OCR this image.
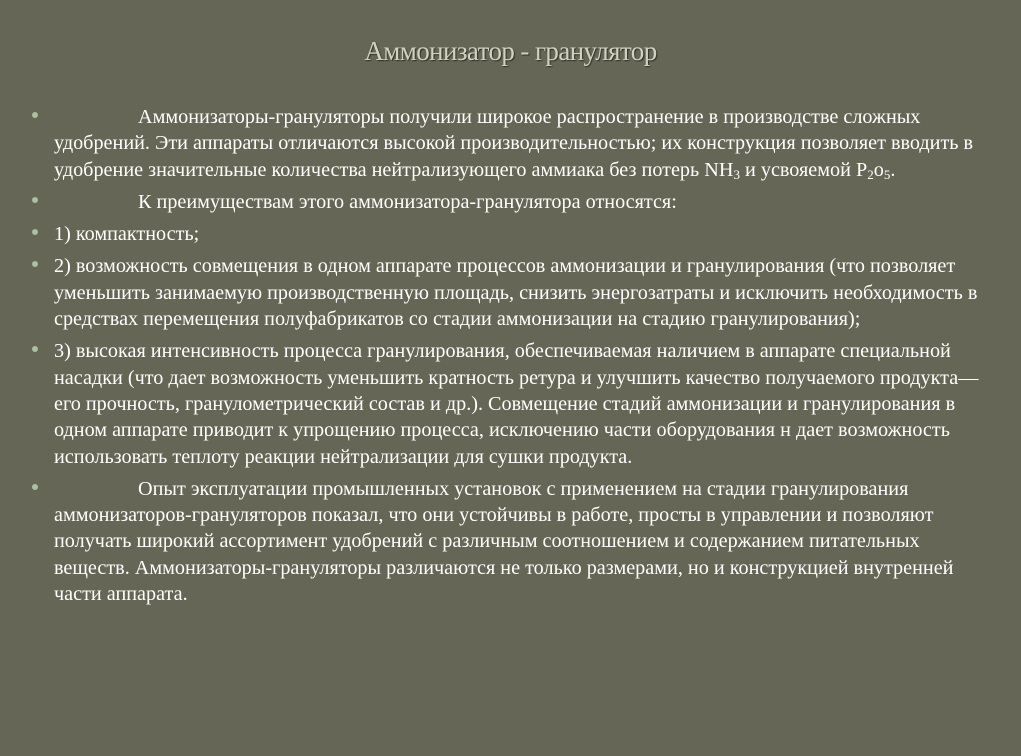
Аммонизатор - гранулятор
Аммонизаторы-грануляторы получили широкое распространение в производстве сложных удобрений. Эти аппараты отличаются высокой производительностью; их конструкция позволяет вводить в удобрение значительные количества нейтрализующего аммиака без потерь $NH_3$ и усвояемой $P_2o_5$.
К преимуществам этого аммонизатора-гранулятора относятся:
1) компактность;
2) возможность совмещения в одном аппарате процессов аммонизации и гранулирования (что позволяет уменьшить занимаемую производственную площадь, снизить энергозатраты и исключить необходимость в средствах перемещения полуфабрикатов со стадии аммонизации на стадию гранулирования);
3) высокая интенсивность процесса гранулирования, обеспечиваемая наличием в аппарате специальной насадки (что дает возможность уменьшить кратность ретура и улучшить качество получаемого продукта— его прочность, гранулометрический состав и др.). Совмещение стадий аммонизации и гранулирования в одном аппарате приводит к упрощению процесса, исключению части оборудования н дает возможность использовать теплоту реакции нейтрализации для сушки продукта.
Опыт эксплуатации промышленных установок с применением на стадии гранулирования аммонизаторов-грануляторов показал, что они устойчивы в работе, просты в управлении и позволяют получать широкий ассортимент удобрений с различным соотношением и содержанием питательных веществ. Аммонизаторы-грануляторы различаются не только размерами, но и конструкцией внутренней части аппарата.
